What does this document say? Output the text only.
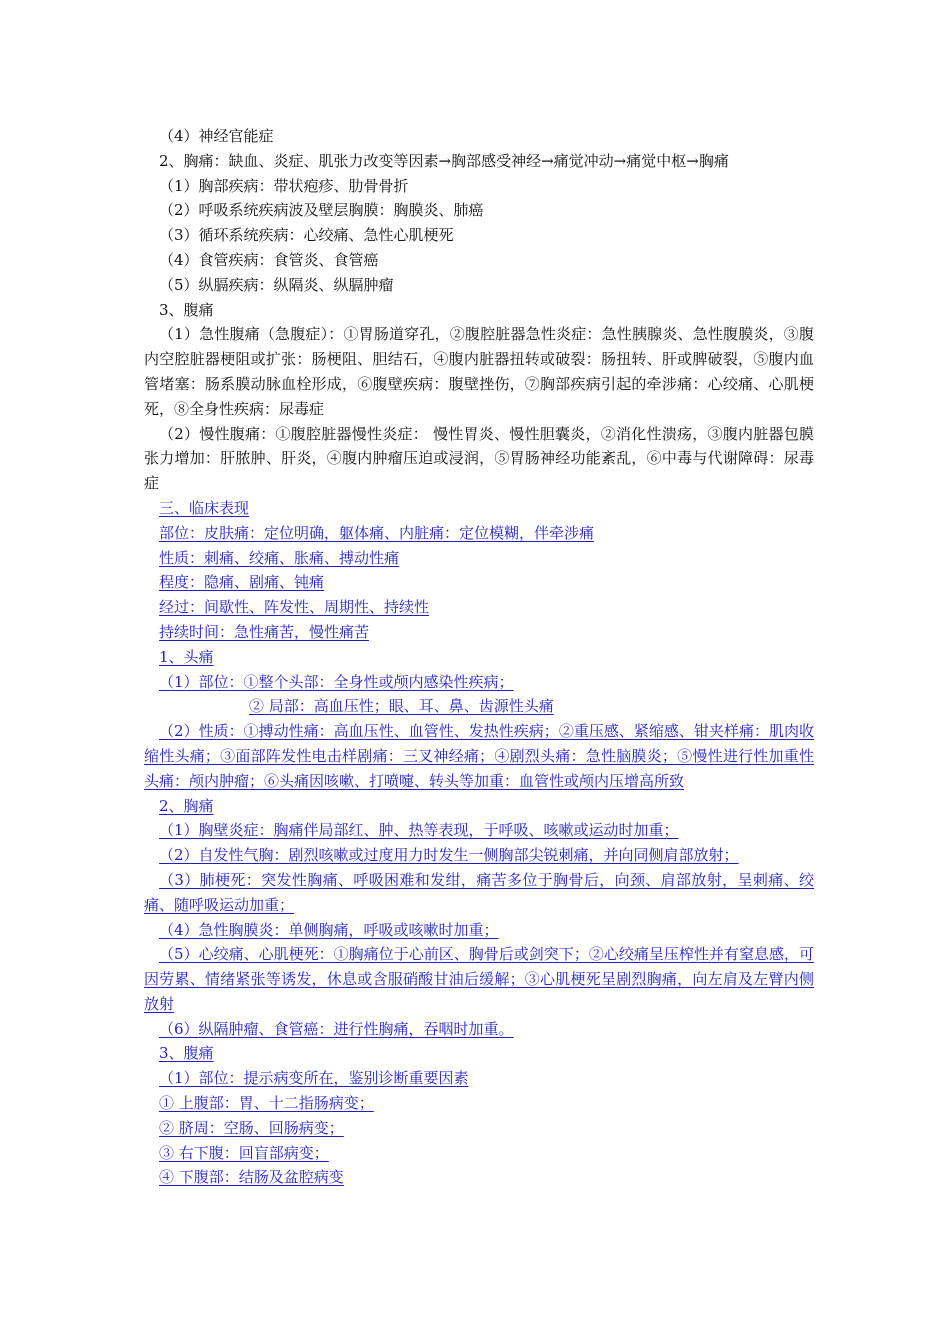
（4）神经官能症
2、胸痛：缺血、炎症、肌张力改变等因素→胸部感受神经→痛觉冲动→痛觉中枢→胸痛
（1）胸部疾病：带状疱疹、肋骨骨折
（2）呼吸系统疾病波及壁层胸膜：胸膜炎、肺癌
（3）循环系统疾病：心绞痛、急性心肌梗死
（4）食管疾病：食管炎、食管癌
（5）纵膈疾病：纵隔炎、纵膈肿瘤
3、腹痛
（1）急性腹痛（急腹症）：①胃肠道穿孔，②腹腔脏器急性炎症：急性胰腺炎、急性腹膜炎，③腹内空腔脏器梗阻或扩张：肠梗阻、胆结石，④腹内脏器扭转或破裂：肠扭转、肝或脾破裂，⑤腹内血管堵塞：肠系膜动脉血栓形成，⑥腹壁疾病：腹壁挫伤，⑦胸部疾病引起的牵涉痛：心绞痛、心肌梗死，⑧全身性疾病：尿毒症
（2）慢性腹痛：①腹腔脏器慢性炎症： 慢性胃炎、慢性胆囊炎，②消化性溃疡，③腹内脏器包膜张力增加：肝脓肿、肝炎，④腹内肿瘤压迫或浸润，⑤胃肠神经功能紊乱，⑥中毒与代谢障碍：尿毒症
三、临床表现
部位：皮肤痛：定位明确，躯体痛、内脏痛：定位模糊，伴牵涉痛
性质：刺痛、绞痛、胀痛、搏动性痛
程度：隐痛、剧痛、钝痛
经过：间歇性、阵发性、周期性、持续性
持续时间：急性痛苦，慢性痛苦
1、头痛
（1）部位：①整个头部：全身性或颅内感染性疾病；
② 局部：高血压性；眼、耳、鼻、齿源性头痛
（2）性质：①搏动性痛：高血压性、血管性、发热性疾病；②重压感、紧缩感、钳夹样痛：肌肉收缩性头痛；③面部阵发性电击样剧痛：三叉神经痛；④剧烈头痛：急性脑膜炎；⑤慢性进行性加重性头痛：颅内肿瘤；⑥头痛因咳嗽、打喷嚏、转头等加重：血管性或颅内压增高所致
2、胸痛
（1）胸壁炎症：胸痛伴局部红、肿、热等表现，于呼吸、咳嗽或运动时加重；
（2）自发性气胸：剧烈咳嗽或过度用力时发生一侧胸部尖锐刺痛，并向同侧肩部放射；
（3）肺梗死：突发性胸痛、呼吸困难和发绀，痛苦多位于胸骨后，向颈、肩部放射，呈刺痛、绞痛、随呼吸运动加重；
（4）急性胸膜炎：单侧胸痛，呼吸或咳嗽时加重；
（5）心绞痛、心肌梗死：①胸痛位于心前区、胸骨后或剑突下；②心绞痛呈压榨性并有窒息感，可因劳累、情绪紧张等诱发，休息或含服硝酸甘油后缓解；③心肌梗死呈剧烈胸痛，向左肩及左臂内侧放射
（6）纵隔肿瘤、食管癌：进行性胸痛，吞咽时加重。
3、腹痛
（1）部位：提示病变所在，鉴别诊断重要因素
① 上腹部：胃、十二指肠病变；
② 脐周：空肠、回肠病变；
③ 右下腹：回盲部病变；
④ 下腹部：结肠及盆腔病变
